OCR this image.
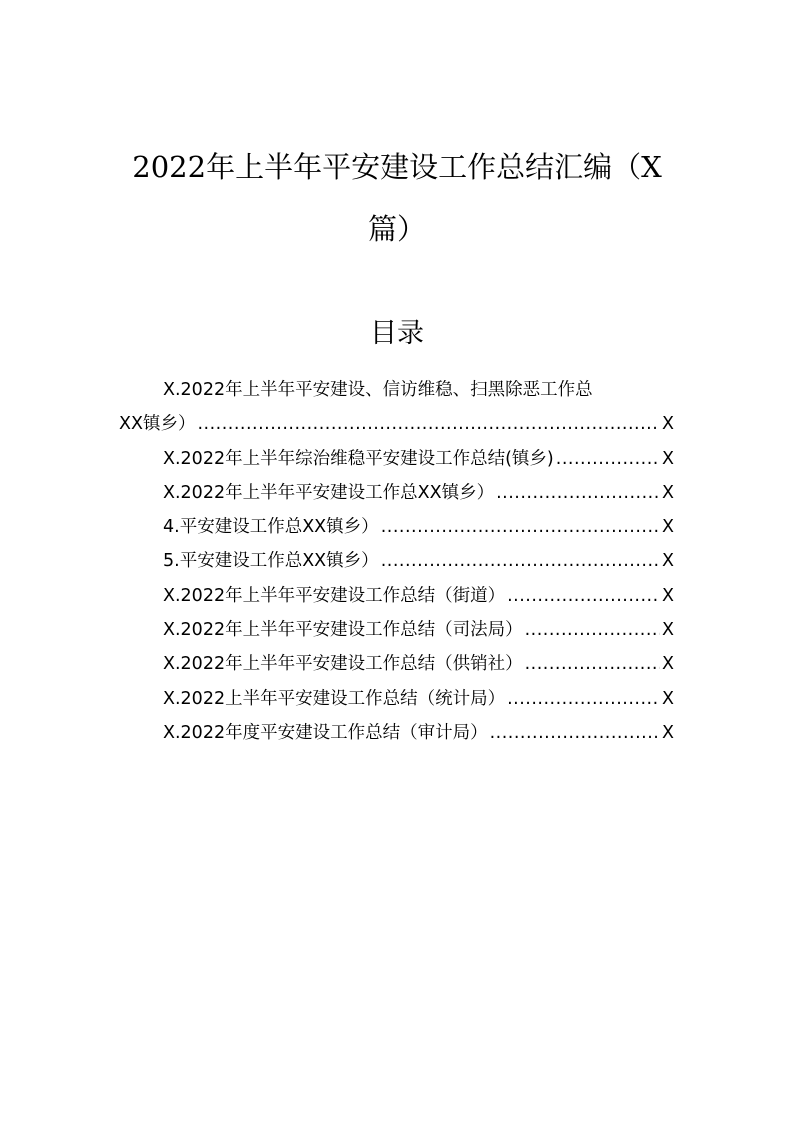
2022年上半年平安建设工作总结汇编（X
篇）
目录
X.2022年上半年平安建设、信访维稳、扫黑除恶工作总
XX镇乡） .....	X
X.2022年上半年综治维稳平安建设工作总结(镇乡) .....	X
X.2022年上半年平安建设工作总XX镇乡） .....	X
4.平安建设工作总XX镇乡） .....	X
5.平安建设工作总XX镇乡） .....	X
X.2022年上半年平安建设工作总结（街道） .....	X
X.2022年上半年平安建设工作总结（司法局） .....	X
X.2022年上半年平安建设工作总结（供销社） .....	X
X.2022上半年平安建设工作总结（统计局） .....	X
X.2022年度平安建设工作总结（审计局） .....	X
